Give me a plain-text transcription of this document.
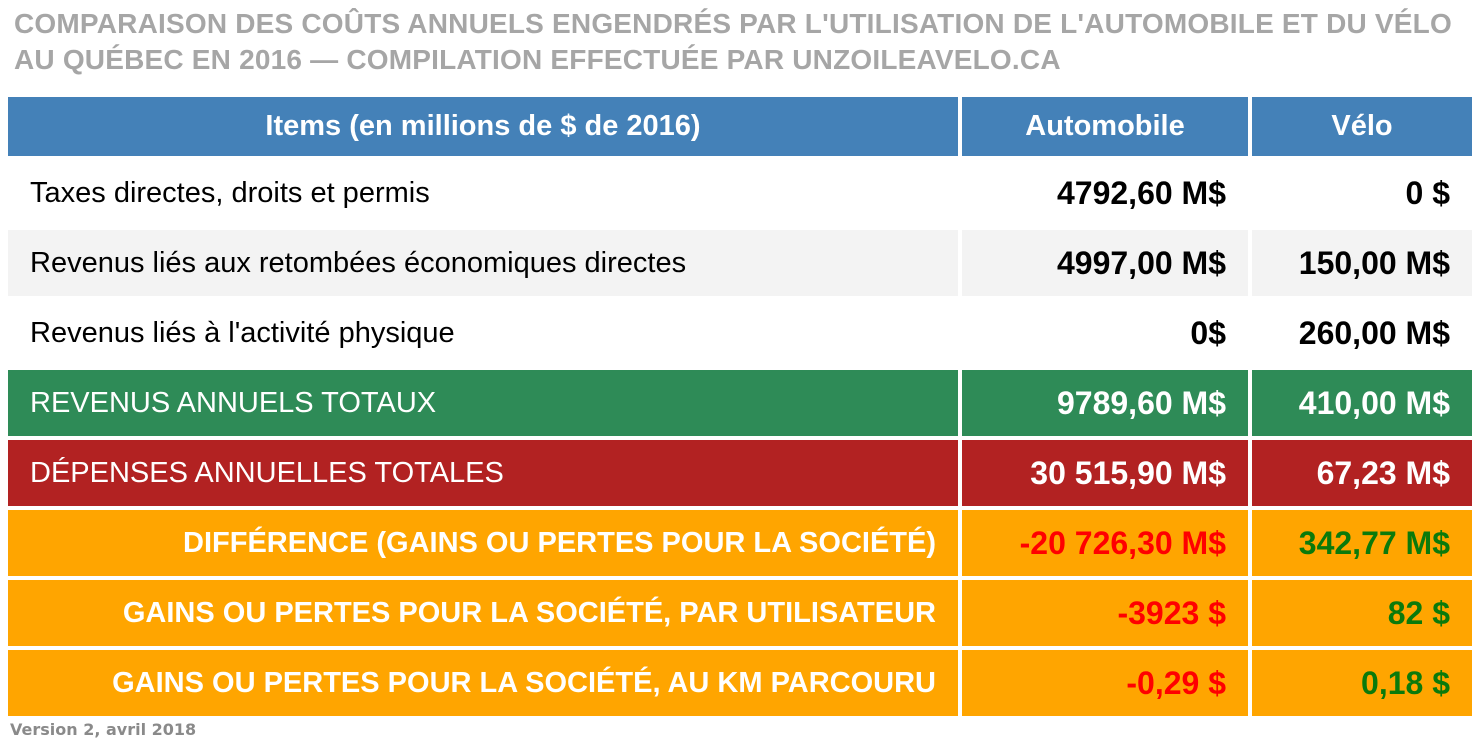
COMPARAISON DES COÛTS ANNUELS ENGENDRÉS PAR L'UTILISATION DE L'AUTOMOBILE ET DU VÉLO AU QUÉBEC EN 2016 — COMPILATION EFFECTUÉE PAR UNZOILEAVELO.CA
Items (en millions de $ de 2016)	Automobile	Vélo
Taxes directes, droits et permis	4792,60 M$	0 $
Revenus liés aux retombées économiques directes	4997,00 M$	150,00 M$
Revenus liés à l'activité physique	0$	260,00 M$
REVENUS ANNUELS TOTAUX	9789,60 M$	410,00 M$
DÉPENSES ANNUELLES TOTALES	30 515,90 M$	67,23 M$
DIFFÉRENCE (GAINS OU PERTES POUR LA SOCIÉTÉ)	-20 726,30 M$	342,77 M$
GAINS OU PERTES POUR LA SOCIÉTÉ, PAR UTILISATEUR	-3923 $	82 $
GAINS OU PERTES POUR LA SOCIÉTÉ, AU KM PARCOURU	-0,29 $	0,18 $
Version 2, avril 2018
